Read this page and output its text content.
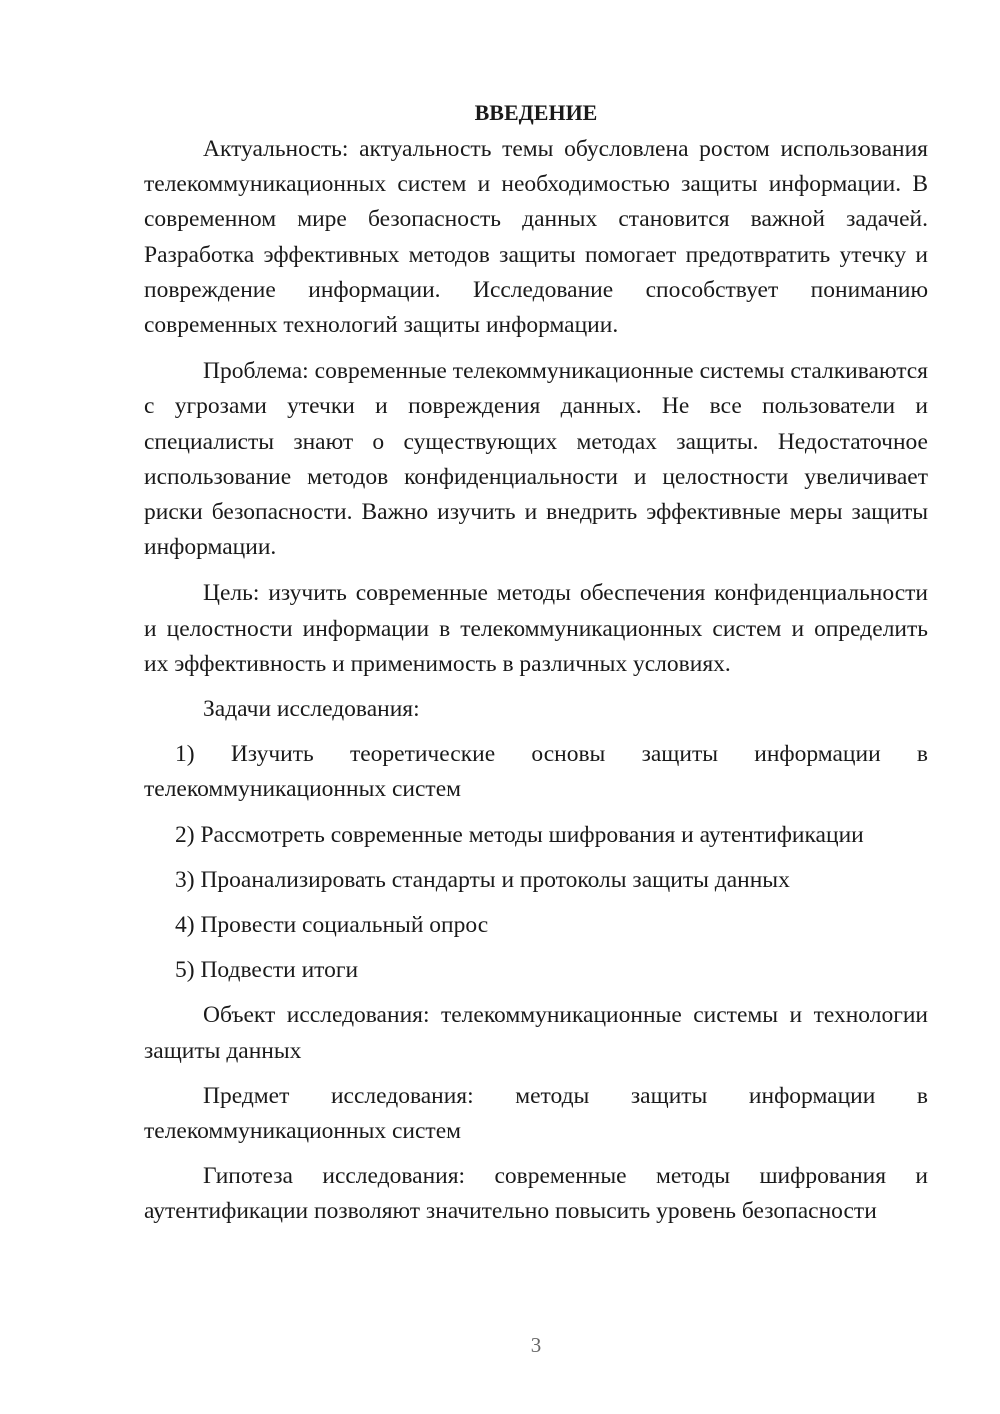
ВВЕДЕНИЕ

Актуальность: актуальность темы обусловлена ростом использования телекоммуникационных систем и необходимостью защиты информации. В современном мире безопасность данных становится важной задачей. Разработка эффективных методов защиты помогает предотвратить утечку и повреждение информации. Исследование способствует пониманию современных технологий защиты информации.

Проблема: современные телекоммуникационные системы сталкиваются с угрозами утечки и повреждения данных. Не все пользователи и специалисты знают о существующих методах защиты. Недостаточное использование методов конфиденциальности и целостности увеличивает риски безопасности. Важно изучить и внедрить эффективные меры защиты информации.

Цель: изучить современные методы обеспечения конфиденциальности и целостности информации в телекоммуникационных систем и определить их эффективность и применимость в различных условиях.

Задачи исследования:

1) Изучить теоретические основы защиты информации в телекоммуникационных систем

2) Рассмотреть современные методы шифрования и аутентификации

3) Проанализировать стандарты и протоколы защиты данных

4) Провести социальный опрос

5) Подвести итоги

Объект исследования: телекоммуникационные системы и технологии защиты данных

Предмет исследования: методы защиты информации в телекоммуникационных систем

Гипотеза исследования: современные методы шифрования и аутентификации позволяют значительно повысить уровень безопасности

3
